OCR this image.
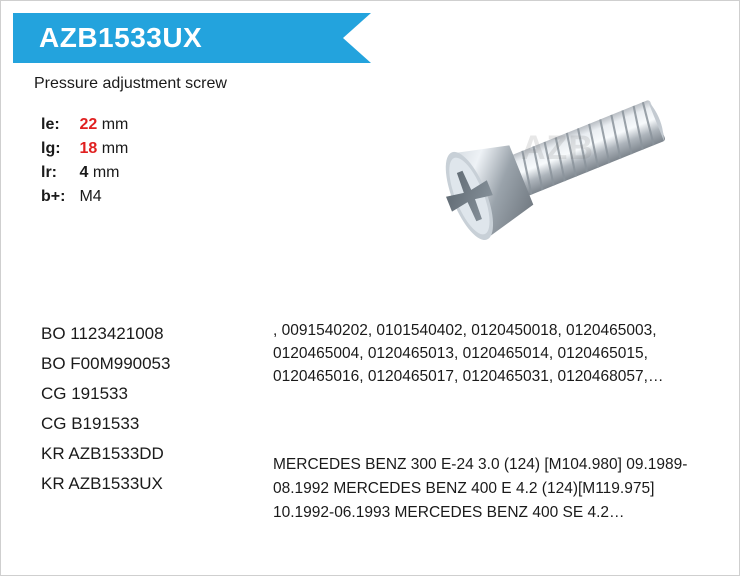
AZB1533UX
Pressure adjustment screw
le:	22 mm
lg:	18 mm
lr:	4 mm
b+:	M4
BO 1123421008
BO F00M990053
CG 191533
CG B191533
KR AZB1533DD
KR AZB1533UX
, 0091540202, 0101540402, 0120450018, 0120465003, 0120465004, 0120465013, 0120465014, 0120465015, 0120465016, 0120465017, 0120465031, 0120468057,…
MERCEDES BENZ 300 E-24 3.0 (124) [M104.980] 09.1989-08.1992 MERCEDES BENZ 400 E 4.2 (124)[M119.975] 10.1992-06.1993 MERCEDES BENZ 400 SE 4.2…
